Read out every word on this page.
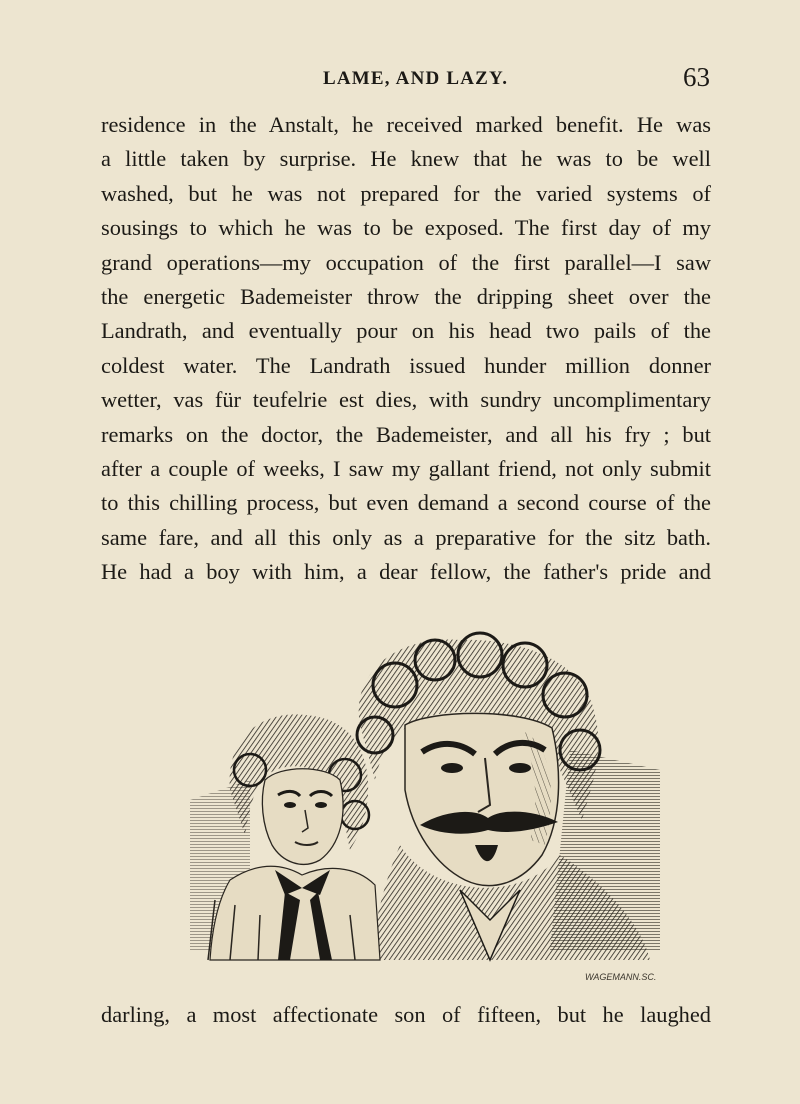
LAME, AND LAZY.	63
residence in the Anstalt, he received marked benefit. He was
a little taken by surprise. He knew that he was to be well
washed, but he was not prepared for the varied systems of
sousings to which he was to be exposed. The first day of my
grand operations—my occupation of the first parallel—I saw
the energetic Bademeister throw the dripping sheet over the
Landrath, and eventually pour on his head two pails of the
coldest water. The Landrath issued hunder million donner
wetter, vas für teufelrie est dies, with sundry uncomplimentary
remarks on the doctor, the Bademeister, and all his fry ; but
after a couple of weeks, I saw my gallant friend, not only submit
to this chilling process, but even demand a second course of the
same fare, and all this only as a preparative for the sitz bath.
He had a boy with him, a dear fellow, the father's pride and
WAGEMANN.SC.
darling, a most affectionate son of fifteen, but he laughed
